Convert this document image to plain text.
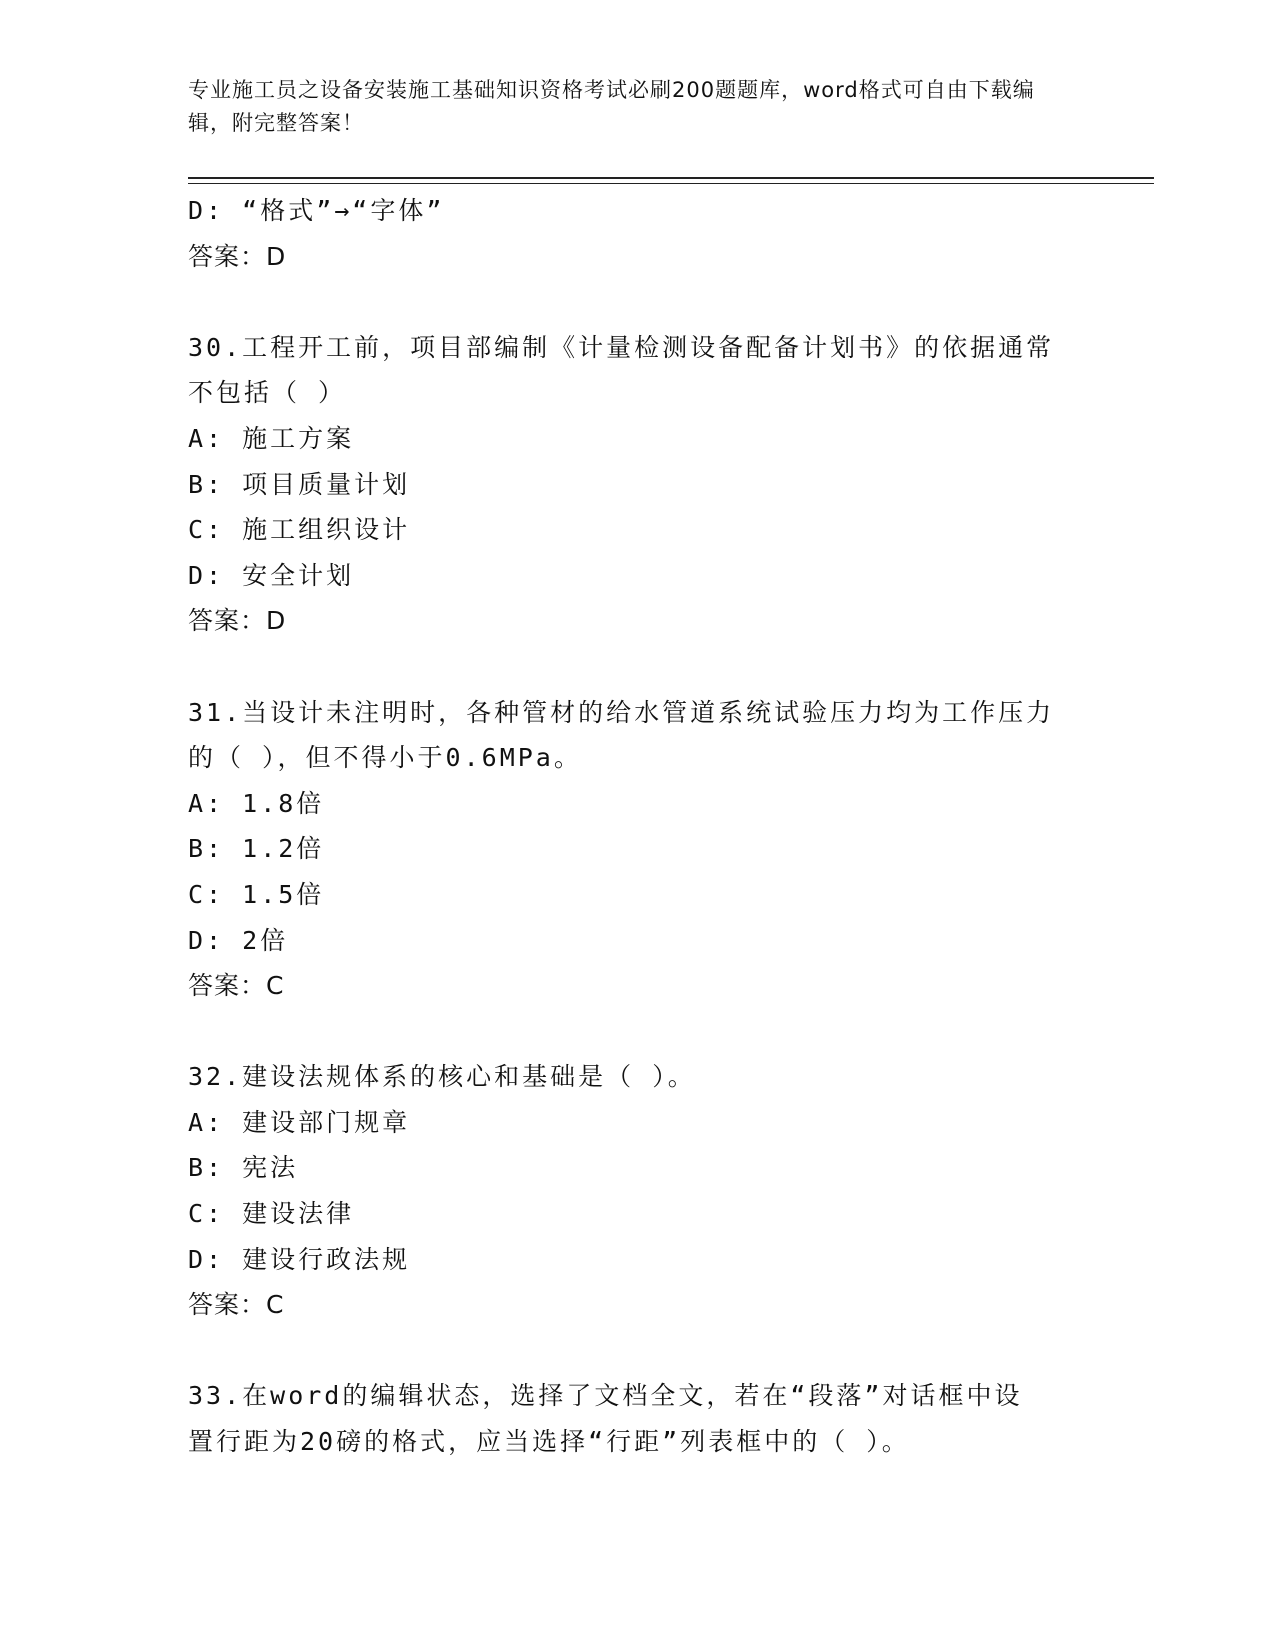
专业施工员之设备安装施工基础知识资格考试必刷200题题库，word格式可自由下载编辑，附完整答案！
D: “格式”→“字体”
答案：D
30.工程开工前，项目部编制《计量检测设备配备计划书》的依据通常
不包括（ ）
A: 施工方案
B: 项目质量计划
C: 施工组织设计
D: 安全计划
答案：D
31.当设计未注明时，各种管材的给水管道系统试验压力均为工作压力
的（ ），但不得小于0.6MPa。
A: 1.8倍
B: 1.2倍
C: 1.5倍
D: 2倍
答案：C
32.建设法规体系的核心和基础是（ ）。
A: 建设部门规章
B: 宪法
C: 建设法律
D: 建设行政法规
答案：C
33.在word的编辑状态，选择了文档全文，若在“段落”对话框中设
置行距为20磅的格式，应当选择“行距”列表框中的（ ）。
